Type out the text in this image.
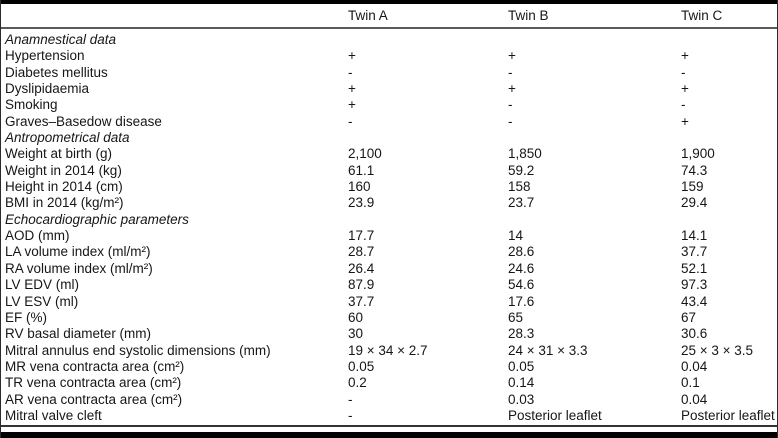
Twin A	Twin B	Twin C
Anamnestical data
Hypertension	+	+	+
Diabetes mellitus	-	-	-
Dyslipidaemia	+	+	+
Smoking	+	-	-
Graves–Basedow disease	-	-	+
Antropometrical data
Weight at birth (g)	2,100	1,850	1,900
Weight in 2014 (kg)	61.1	59.2	74.3
Height in 2014 (cm)	160	158	159
BMI in 2014 (kg/m²)	23.9	23.7	29.4
Echocardiographic parameters
AOD (mm)	17.7	14	14.1
LA volume index (ml/m²)	28.7	28.6	37.7
RA volume index (ml/m²)	26.4	24.6	52.1
LV EDV (ml)	87.9	54.6	97.3
LV ESV (ml)	37.7	17.6	43.4
EF (%)	60	65	67
RV basal diameter (mm)	30	28.3	30.6
Mitral annulus end systolic dimensions (mm)	19 × 34 × 2.7	24 × 31 × 3.3	25 × 3 × 3.5
MR vena contracta area (cm²)	0.05	0.05	0.04
TR vena contracta area (cm²)	0.2	0.14	0.1
AR vena contracta area (cm²)	-	0.03	0.04
Mitral valve cleft	-	Posterior leaflet	Posterior leaflet
